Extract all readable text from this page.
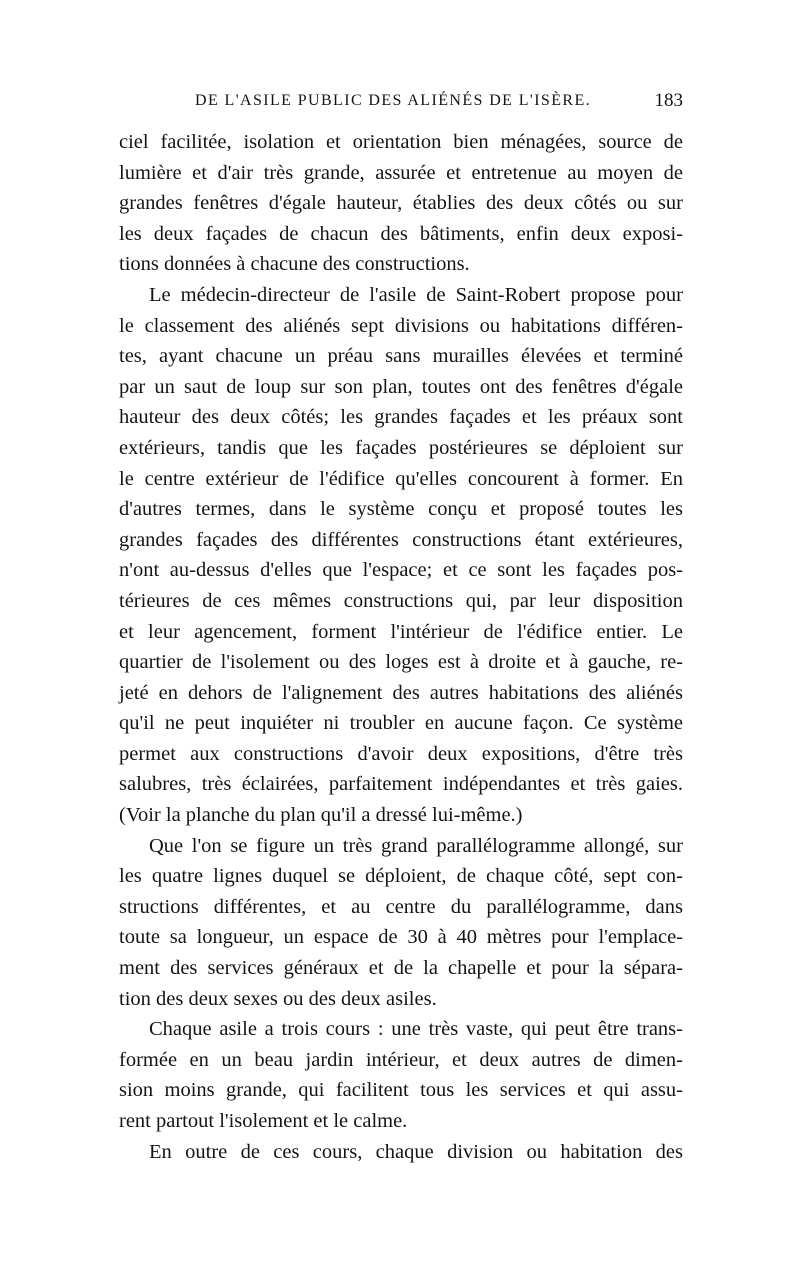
DE L'ASILE PUBLIC DES ALIÉNÉS DE L'ISÈRE.	183
ciel facilitée, isolation et orientation bien ménagées, source de
lumière et d'air très grande, assurée et entretenue au moyen de
grandes fenêtres d'égale hauteur, établies des deux côtés ou sur
les deux façades de chacun des bâtiments, enfin deux exposi-
tions données à chacune des constructions.
Le médecin-directeur de l'asile de Saint-Robert propose pour
le classement des aliénés sept divisions ou habitations différen-
tes, ayant chacune un préau sans murailles élevées et terminé
par un saut de loup sur son plan, toutes ont des fenêtres d'égale
hauteur des deux côtés; les grandes façades et les préaux sont
extérieurs, tandis que les façades postérieures se déploient sur
le centre extérieur de l'édifice qu'elles concourent à former. En
d'autres termes, dans le système conçu et proposé toutes les
grandes façades des différentes constructions étant extérieures,
n'ont au-dessus d'elles que l'espace; et ce sont les façades pos-
térieures de ces mêmes constructions qui, par leur disposition
et leur agencement, forment l'intérieur de l'édifice entier. Le
quartier de l'isolement ou des loges est à droite et à gauche, re-
jeté en dehors de l'alignement des autres habitations des aliénés
qu'il ne peut inquiéter ni troubler en aucune façon. Ce système
permet aux constructions d'avoir deux expositions, d'être très
salubres, très éclairées, parfaitement indépendantes et très gaies.
(Voir la planche du plan qu'il a dressé lui-même.)
Que l'on se figure un très grand parallélogramme allongé, sur
les quatre lignes duquel se déploient, de chaque côté, sept con-
structions différentes, et au centre du parallélogramme, dans
toute sa longueur, un espace de 30 à 40 mètres pour l'emplace-
ment des services généraux et de la chapelle et pour la sépara-
tion des deux sexes ou des deux asiles.
Chaque asile a trois cours : une très vaste, qui peut être trans-
formée en un beau jardin intérieur, et deux autres de dimen-
sion moins grande, qui facilitent tous les services et qui assu-
rent partout l'isolement et le calme.
En outre de ces cours, chaque division ou habitation des
